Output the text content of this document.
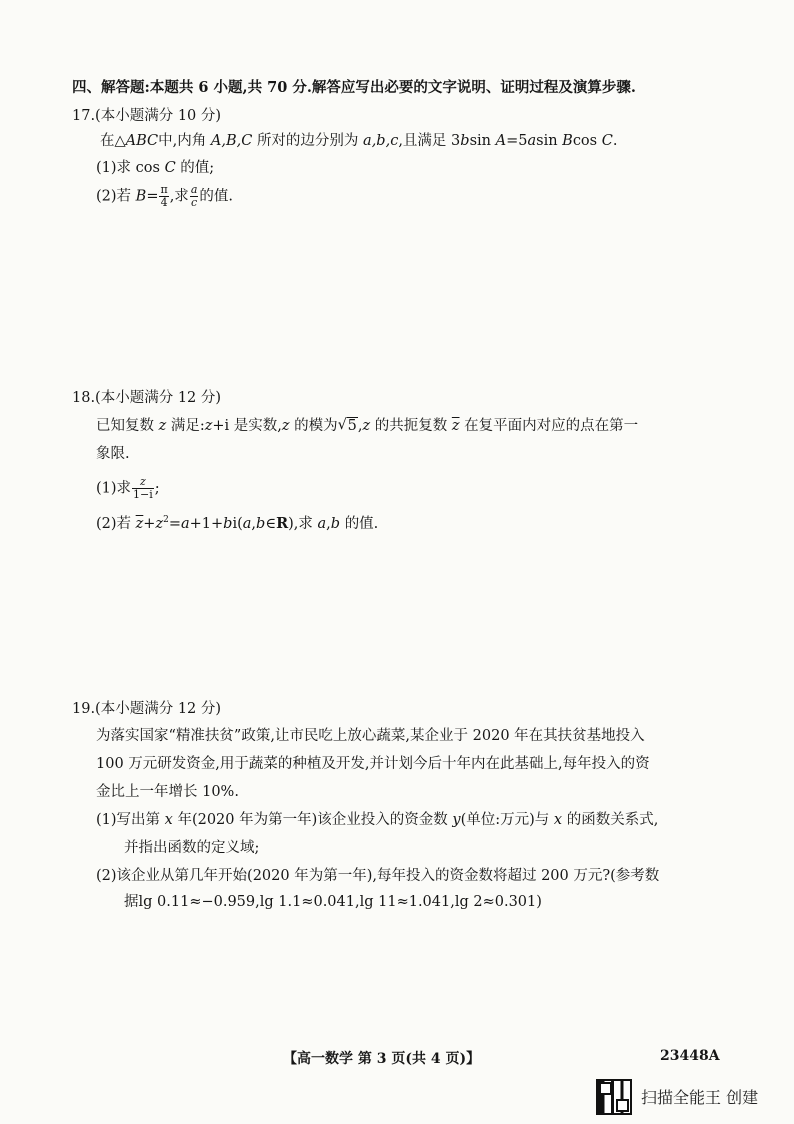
四、解答题:本题共 6 小题,共 70 分.解答应写出必要的文字说明、证明过程及演算步骤.
17.(本小题满分 10 分)
在△ABC中,内角 A,B,C 所对的边分别为 a,b,c,且满足 3bsin A=5asin Bcos C.
(1)求 cos C 的值;
(2)若 $B= \frac{\pi}{4}$ ,求 $\frac{a}{c}$ 的值.
18.(本小题满分 12 分)
已知复数 z 满足:z+i 是实数,z 的模为 √ 5,z 的共扼复数 $\overline{z}$ 在复平面内对应的点在第一
象限.
(1)求 $\frac{z}{1-i}$ ;
(2)若 $\overline{z}+z^2=a+1+bi(a,b\in R)$,求 a,b 的值.
19.(本小题满分 12 分)
为落实国家“精准扶贫”政策,让市民吃上放心蔬菜,某企业于 2020 年在其扶贫基地投入
100 万元研发资金,用于蔬菜的种植及开发,并计划今后十年内在此基础上,每年投入的资
金比上一年增长 10%.
(1)写出第 x 年(2020 年为第一年)该企业投入的资金数 y(单位:万元)与 x 的函数关系式,
并指出函数的定义域;
(2)该企业从第几年开始(2020 年为第一年),每年投入的资金数将超过 200 万元?(参考数
据lg 0.11≈−0.959,lg 1.1≈0.041,lg 11≈1.041,lg 2≈0.301)
【高一数学 第 3 页(共 4 页)】	23448A
扫描全能王 创建
